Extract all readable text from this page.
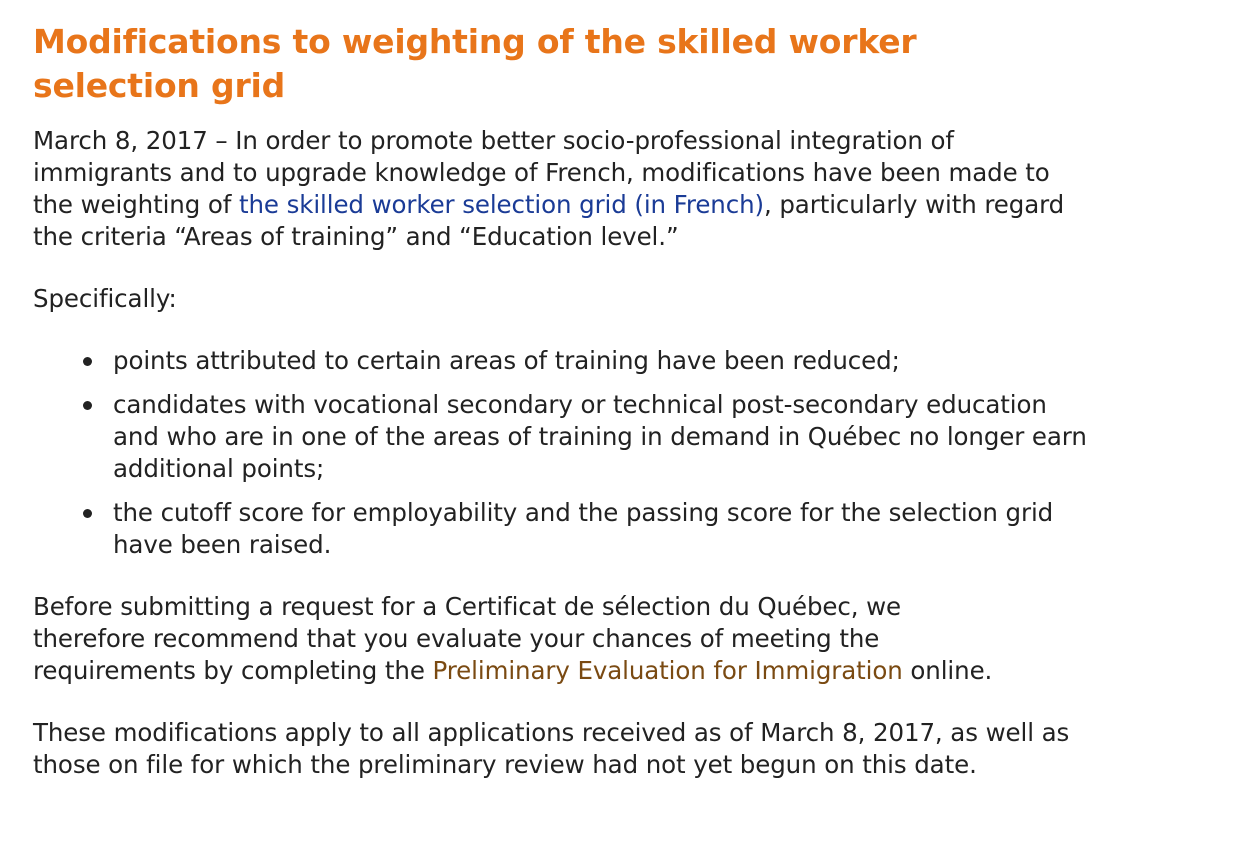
Modifications to weighting of the skilled worker selection grid

March 8, 2017 – In order to promote better socio-professional integration of immigrants and to upgrade knowledge of French, modifications have been made to the weighting of the skilled worker selection grid (in French), particularly with regard the criteria “Areas of training” and “Education level.”

Specifically:

points attributed to certain areas of training have been reduced;
candidates with vocational secondary or technical post-secondary education and who are in one of the areas of training in demand in Québec no longer earn additional points;
the cutoff score for employability and the passing score for the selection grid have been raised.

Before submitting a request for a Certificat de sélection du Québec, we therefore recommend that you evaluate your chances of meeting the requirements by completing the Preliminary Evaluation for Immigration online.

These modifications apply to all applications received as of March 8, 2017, as well as those on file for which the preliminary review had not yet begun on this date.
